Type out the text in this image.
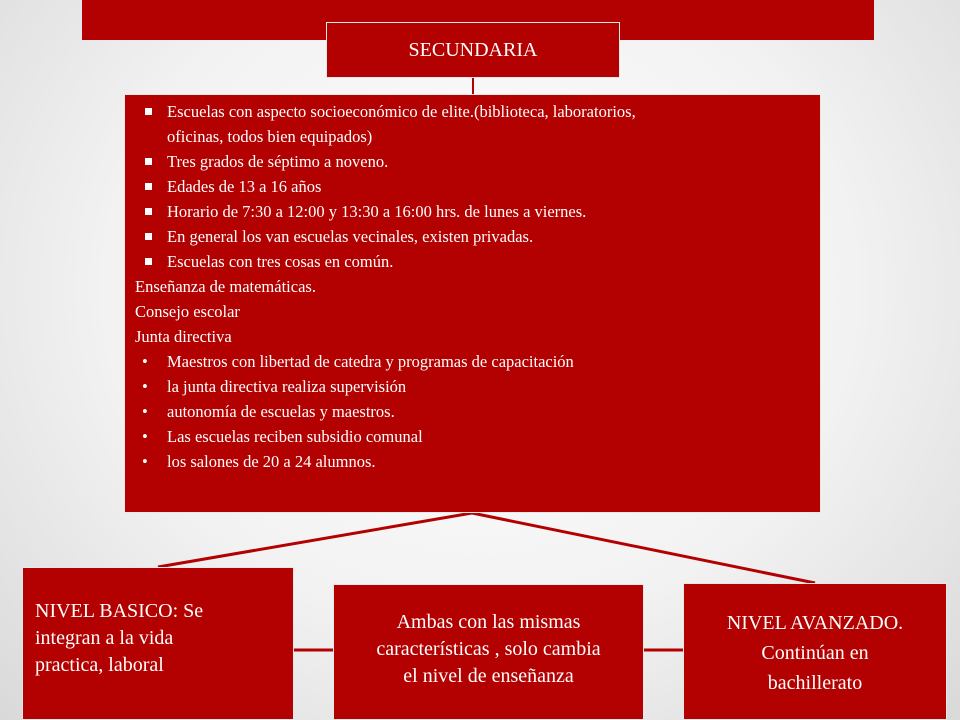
SECUNDARIA
Escuelas con aspecto socioeconómico de elite.(biblioteca, laboratorios,
oficinas, todos bien equipados)
Tres grados de séptimo a noveno.
Edades de 13 a 16 años
Horario de 7:30 a 12:00 y 13:30 a 16:00 hrs. de lunes a viernes.
En general los van escuelas vecinales, existen privadas.
Escuelas con tres cosas en común.
Enseñanza de matemáticas.
Consejo escolar
Junta directiva
• Maestros con libertad de catedra y programas de capacitación
• la junta directiva realiza supervisión
• autonomía de escuelas y maestros.
• Las escuelas reciben subsidio comunal
• los salones de 20 a 24 alumnos.
NIVEL BASICO: Se
integran a la vida
practica, laboral
Ambas con las mismas
características , solo cambia
el nivel de enseñanza
NIVEL AVANZADO.
Continúan en
bachillerato
